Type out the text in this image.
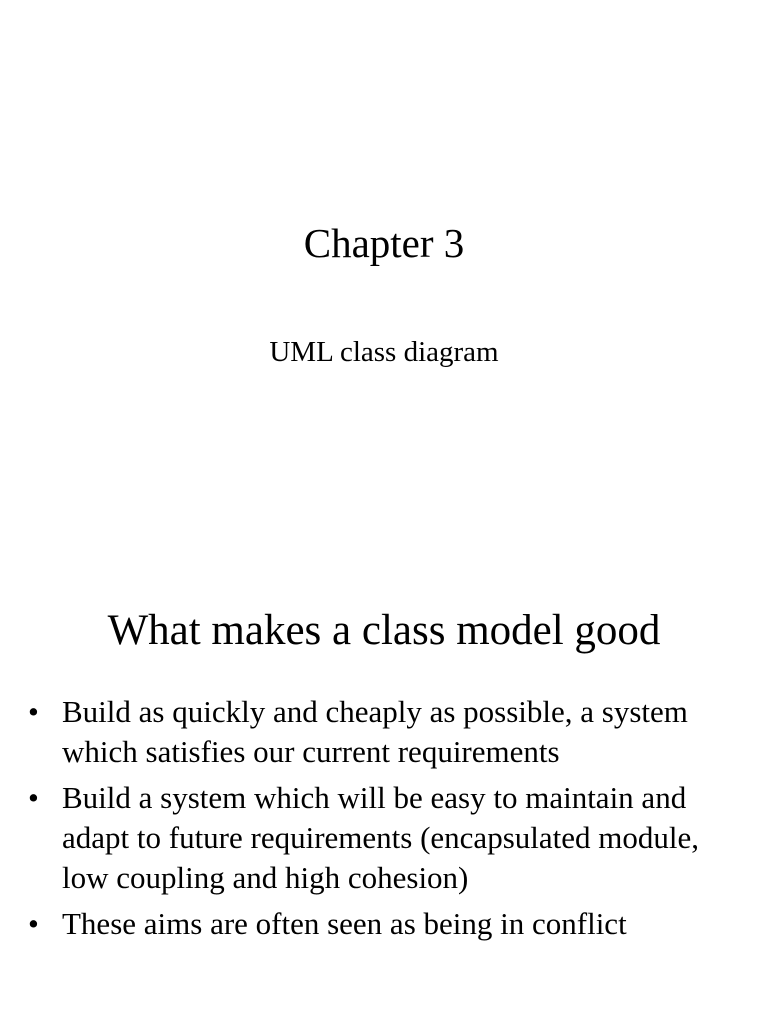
Chapter 3

UML class diagram

What makes a class model good
• Build as quickly and cheaply as possible, a system which satisfies our current requirements
• Build a system which will be easy to maintain and adapt to future requirements (encapsulated module, low coupling and high cohesion)
• These aims are often seen as being in conflict
